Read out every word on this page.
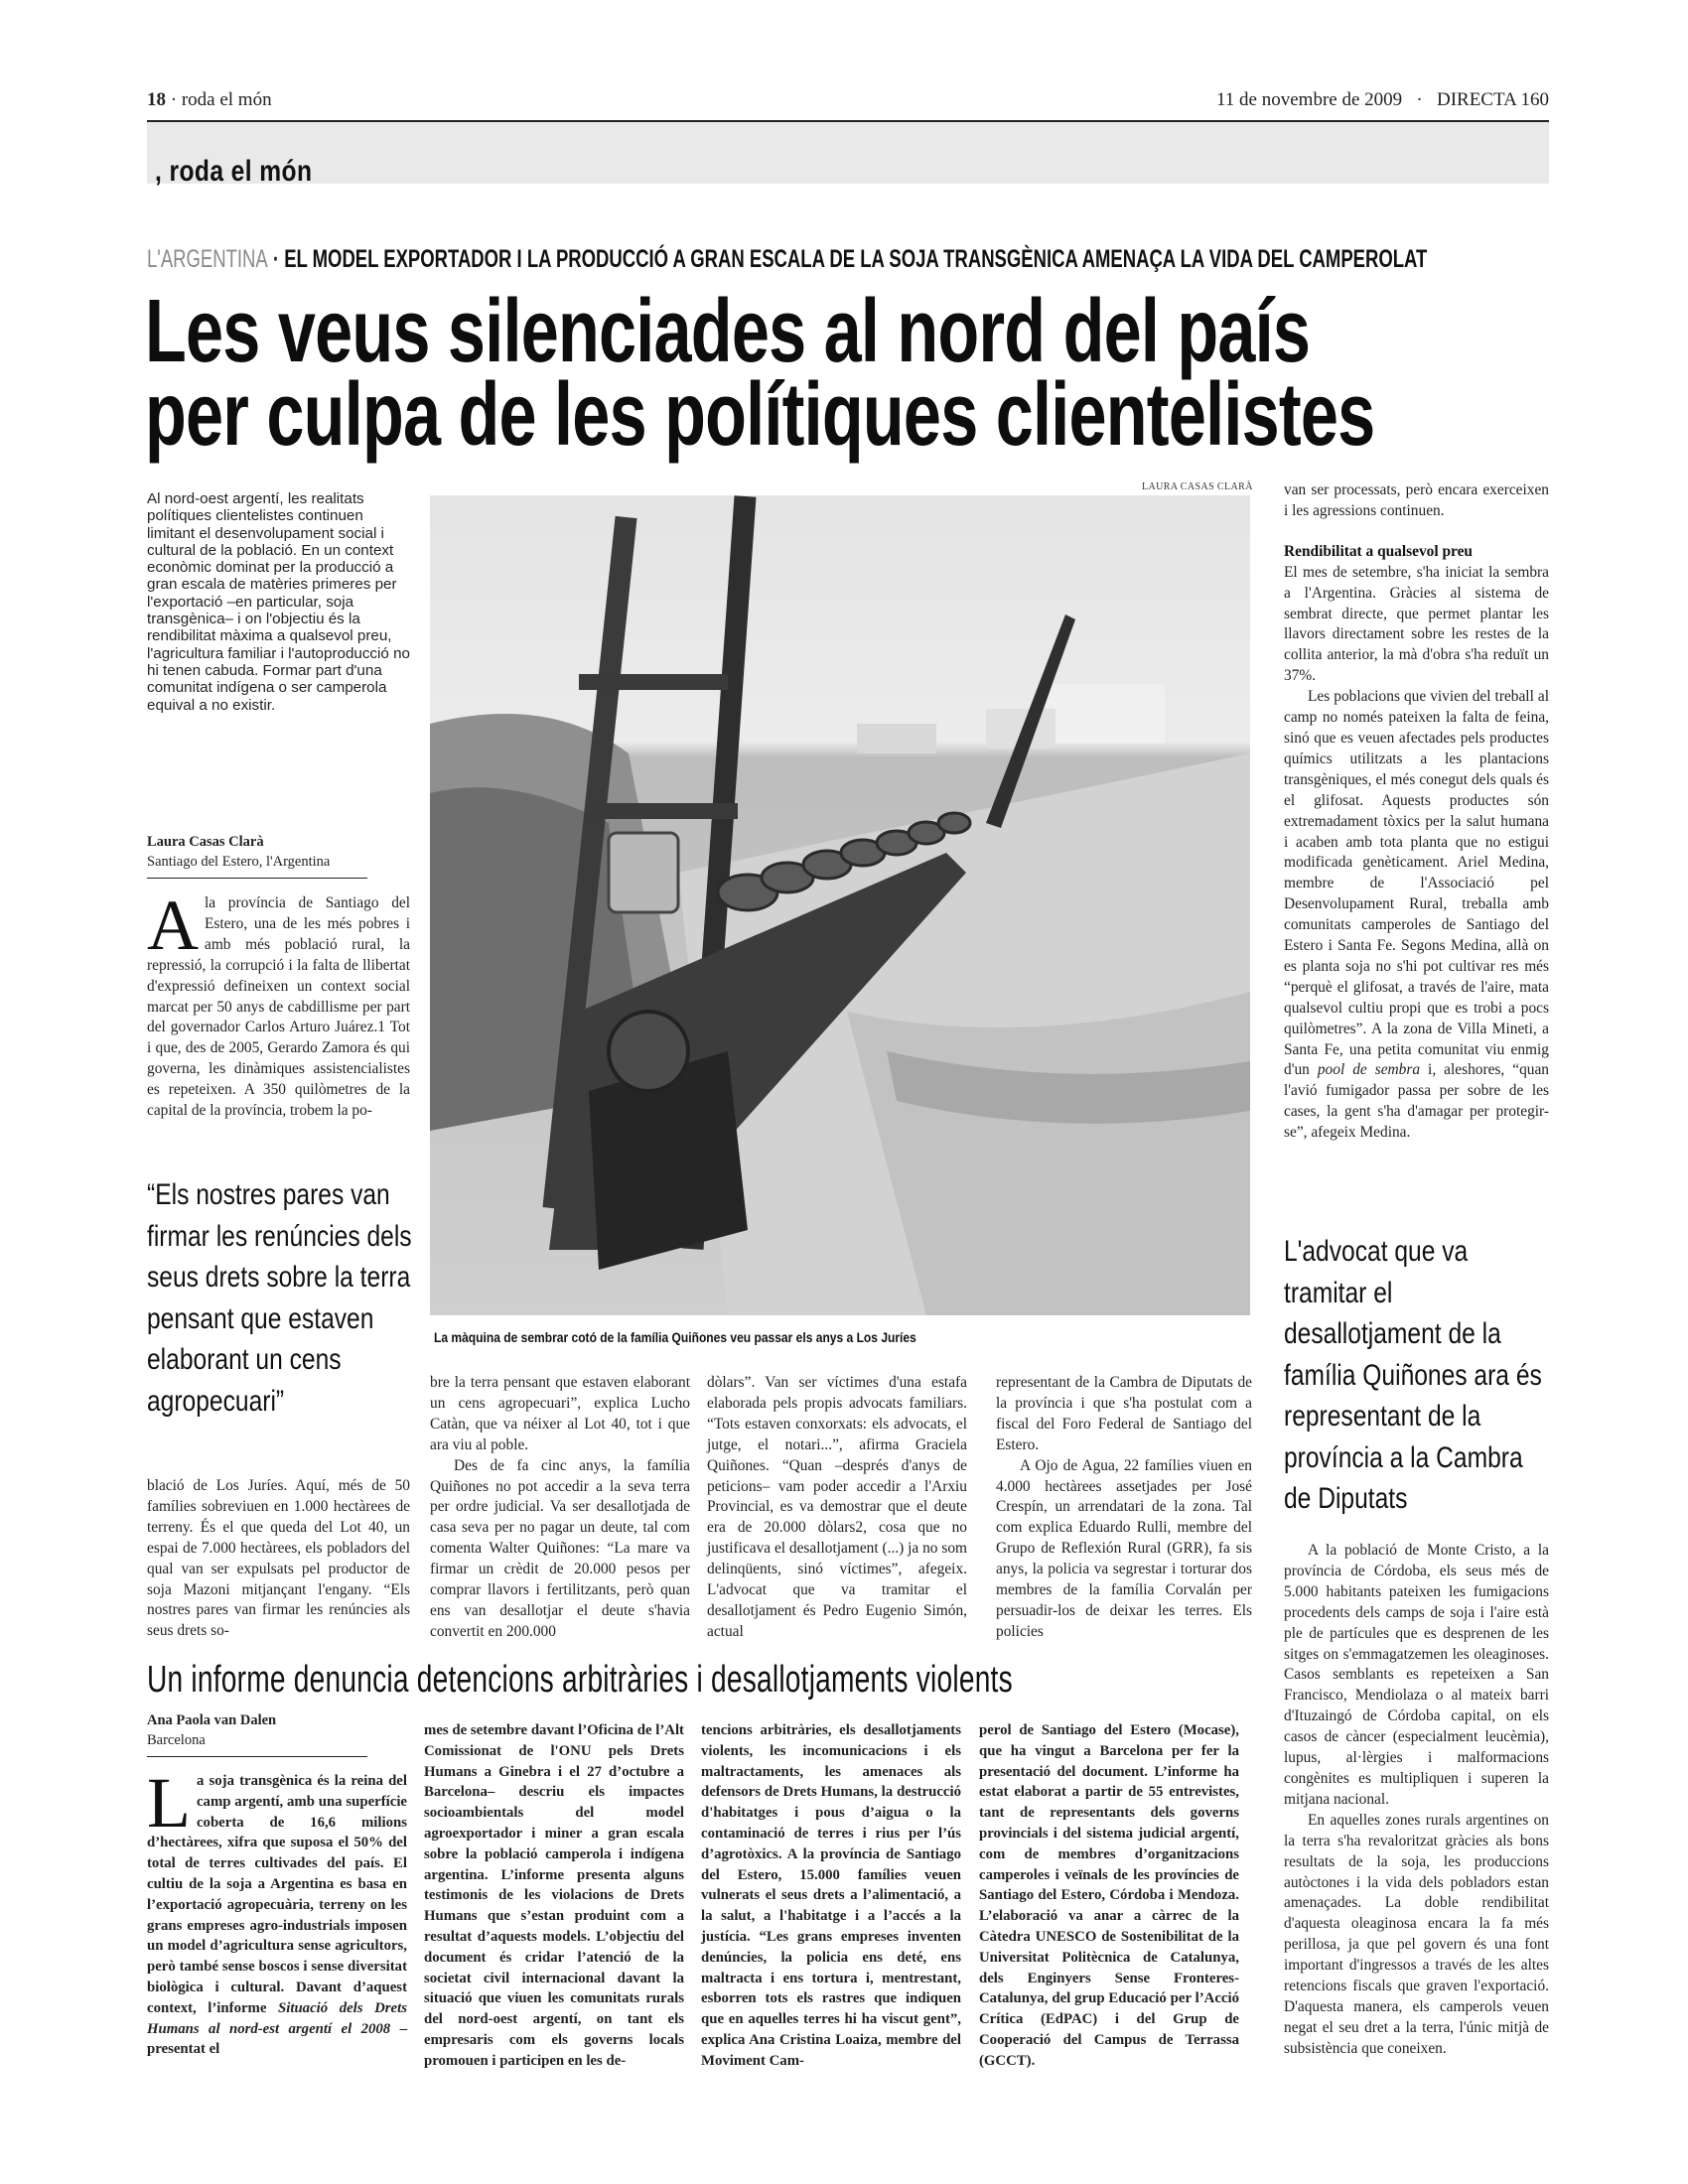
18 · roda el món	11 de novembre de 2009   ·   DIRECTA 160
, roda el món
L'ARGENTINA · EL MODEL EXPORTADOR I LA PRODUCCIÓ A GRAN ESCALA DE LA SOJA TRANSGÈNICA AMENAÇA LA VIDA DEL CAMPEROLAT
Les veus silenciades al nord del país
per culpa de les polítiques clientelistes
Al nord-oest argentí, les realitats polítiques clientelistes continuen limitant el desenvolupament social i cultural de la població. En un context econòmic dominat per la producció a gran escala de matèries primeres per l'exportació –en particular, soja transgènica– i on l'objectiu és la rendibilitat màxima a qualsevol preu, l'agricultura familiar i l'autoproducció no hi tenen cabuda. Formar part d'una comunitat indígena o ser camperola equival a no existir.
Laura Casas Clarà
Santiago del Estero, l'Argentina
A la província de Santiago del Estero, una de les més pobres i amb més població rural, la repressió, la corrupció i la falta de llibertat d'expressió defineixen un context social marcat per 50 anys de cabdillisme per part del governador Carlos Arturo Juárez.1 Tot i que, des de 2005, Gerardo Zamora és qui governa, les dinàmiques assistencialistes es repeteixen. A 350 quilòmetres de la capital de la província, trobem la po-
“Els nostres pares van firmar les renúncies dels seus drets sobre la terra pensant que estaven elaborant un cens agropecuari”
blació de Los Juríes. Aquí, més de 50 famílies sobreviuen en 1.000 hectàrees de terreny. És el que queda del Lot 40, un espai de 7.000 hectàrees, els pobladors del qual van ser expulsats pel productor de soja Mazoni mitjançant l'engany. “Els nostres pares van firmar les renúncies als seus drets so-
LAURA CASAS CLARÀ
La màquina de sembrar cotó de la família Quiñones veu passar els anys a Los Juríes

bre la terra pensant que estaven elaborant un cens agropecuari”, explica Lucho Catàn, que va néixer al Lot 40, tot i que ara viu al poble.

Des de fa cinc anys, la família Quiñones no pot accedir a la seva terra per ordre judicial. Va ser desallotjada de casa seva per no pagar un deute, tal com comenta Walter Quiñones: “La mare va firmar un crèdit de 20.000 pesos per comprar llavors i fertilitzants, però quan ens van desallotjar el deute s'havia convertit en 200.000

dòlars”. Van ser víctimes d'una estafa elaborada pels propis advocats familiars. “Tots estaven conxorxats: els advocats, el jutge, el notari...”, afirma Graciela Quiñones. “Quan –després d'anys de peticions– vam poder accedir a l'Arxiu Provincial, es va demostrar que el deute era de 20.000 dòlars2, cosa que no justificava el desallotjament (...) ja no som delinqüents, sinó víctimes”, afegeix. L'advocat que va tramitar el desallotjament és Pedro Eugenio Simón, actual

representant de la Cambra de Diputats de la província i que s'ha postulat com a fiscal del Foro Federal de Santiago del Estero.

A Ojo de Agua, 22 famílies viuen en 4.000 hectàrees assetjades per José Crespín, un arrendatari de la zona. Tal com explica Eduardo Rulli, membre del Grupo de Reflexión Rural (GRR), fa sis anys, la policia va segrestar i torturar dos membres de la família Corvalán per persuadir-los de deixar les terres. Els policies

van ser processats, però encara exerceixen i les agressions continuen.

Rendibilitat a qualsevol preu

El mes de setembre, s'ha iniciat la sembra a l'Argentina. Gràcies al sistema de sembrat directe, que permet plantar les llavors directament sobre les restes de la collita anterior, la mà d'obra s'ha reduït un 37%.

Les poblacions que vivien del treball al camp no només pateixen la falta de feina, sinó que es veuen afectades pels productes químics utilitzats a les plantacions transgèniques, el més conegut dels quals és el glifosat. Aquests productes són extremadament tòxics per la salut humana i acaben amb tota planta que no estigui modificada genèticament. Ariel Medina, membre de l'Associació pel Desenvolupament Rural, treballa amb comunitats camperoles de Santiago del Estero i Santa Fe. Segons Medina, allà on es planta soja no s'hi pot cultivar res més “perquè el glifosat, a través de l'aire, mata qualsevol cultiu propi que es trobi a pocs quilòmetres”. A la zona de Villa Mineti, a Santa Fe, una petita comunitat viu enmig d'un pool de sembra i, aleshores, “quan l'avió fumigador passa per sobre de les cases, la gent s'ha d'amagar per protegir-se”, afegeix Medina.

L'advocat que va tramitar el desallotjament de la família Quiñones ara és representant de la província a la Cambra de Diputats

A la població de Monte Cristo, a la província de Córdoba, els seus més de 5.000 habitants pateixen les fumigacions procedents dels camps de soja i l'aire està ple de partícules que es desprenen de les sitges on s'emmagatzemen les oleaginoses. Casos semblants es repeteixen a San Francisco, Mendiolaza o al mateix barri d'Ituzaingó de Córdoba capital, on els casos de càncer (especialment leucèmia), lupus, al·lèrgies i malformacions congènites es multipliquen i superen la mitjana nacional.

En aquelles zones rurals argentines on la terra s'ha revaloritzat gràcies als bons resultats de la soja, les produccions autòctones i la vida dels pobladors estan amenaçades. La doble rendibilitat d'aquesta oleaginosa encara la fa més perillosa, ja que pel govern és una font important d'ingressos a través de les altes retencions fiscals que graven l'exportació. D'aquesta manera, els camperols veuen negat el seu dret a la terra, l'únic mitjà de subsistència que coneixen.

Un informe denuncia detencions arbitràries i desallotjaments violents
Ana Paola van Dalen
Barcelona
L a soja transgènica és la reina del camp argentí, amb una superfície coberta de 16,6 milions d’hectàrees, xifra que suposa el 50% del total de terres cultivades del país. El cultiu de la soja a Argentina es basa en l’exportació agropecuària, terreny on les grans empreses agro-industrials imposen un model d’agricultura sense agricultors, però també sense boscos i sense diversitat biològica i cultural. Davant d’aquest context, l’informe Situació dels Drets Humans al nord-est argentí el 2008 –presentat el
mes de setembre davant l’Oficina de l’Alt Comissionat de l'ONU pels Drets Humans a Ginebra i el 27 d’octubre a Barcelona– descriu els impactes socioambientals del model agroexportador i miner a gran escala sobre la població camperola i indígena argentina. L’informe presenta alguns testimonis de les violacions de Drets Humans que s’estan produint com a resultat d’aquests models. L’objectiu del document és cridar l’atenció de la societat civil internacional davant la situació que viuen les comunitats rurals del nord-oest argentí, on tant els empresaris com els governs locals promouen i participen en les de-
tencions arbitràries, els desallotjaments violents, les incomunicacions i els maltractaments, les amenaces als defensors de Drets Humans, la destrucció d'habitatges i pous d’aigua o la contaminació de terres i rius per l’ús d’agrotòxics. A la província de Santiago del Estero, 15.000 famílies veuen vulnerats el seus drets a l’alimentació, a la salut, a l'habitatge i a l’accés a la justícia. “Les grans empreses inventen denúncies, la policia ens deté, ens maltracta i ens tortura i, mentrestant, esborren tots els rastres que indiquen que en aquelles terres hi ha viscut gent”, explica Ana Cristina Loaiza, membre del Moviment Cam-
perol de Santiago del Estero (Mocase), que ha vingut a Barcelona per fer la presentació del document. L’informe ha estat elaborat a partir de 55 entrevistes, tant de representants dels governs provincials i del sistema judicial argentí, com de membres d’organitzacions camperoles i veïnals de les províncies de Santiago del Estero, Córdoba i Mendoza. L’elaboració va anar a càrrec de la Càtedra UNESCO de Sostenibilitat de la Universitat Politècnica de Catalunya, dels Enginyers Sense Fronteres-Catalunya, del grup Educació per l’Acció Crítica (EdPAC) i del Grup de Cooperació del Campus de Terrassa (GCCT).
